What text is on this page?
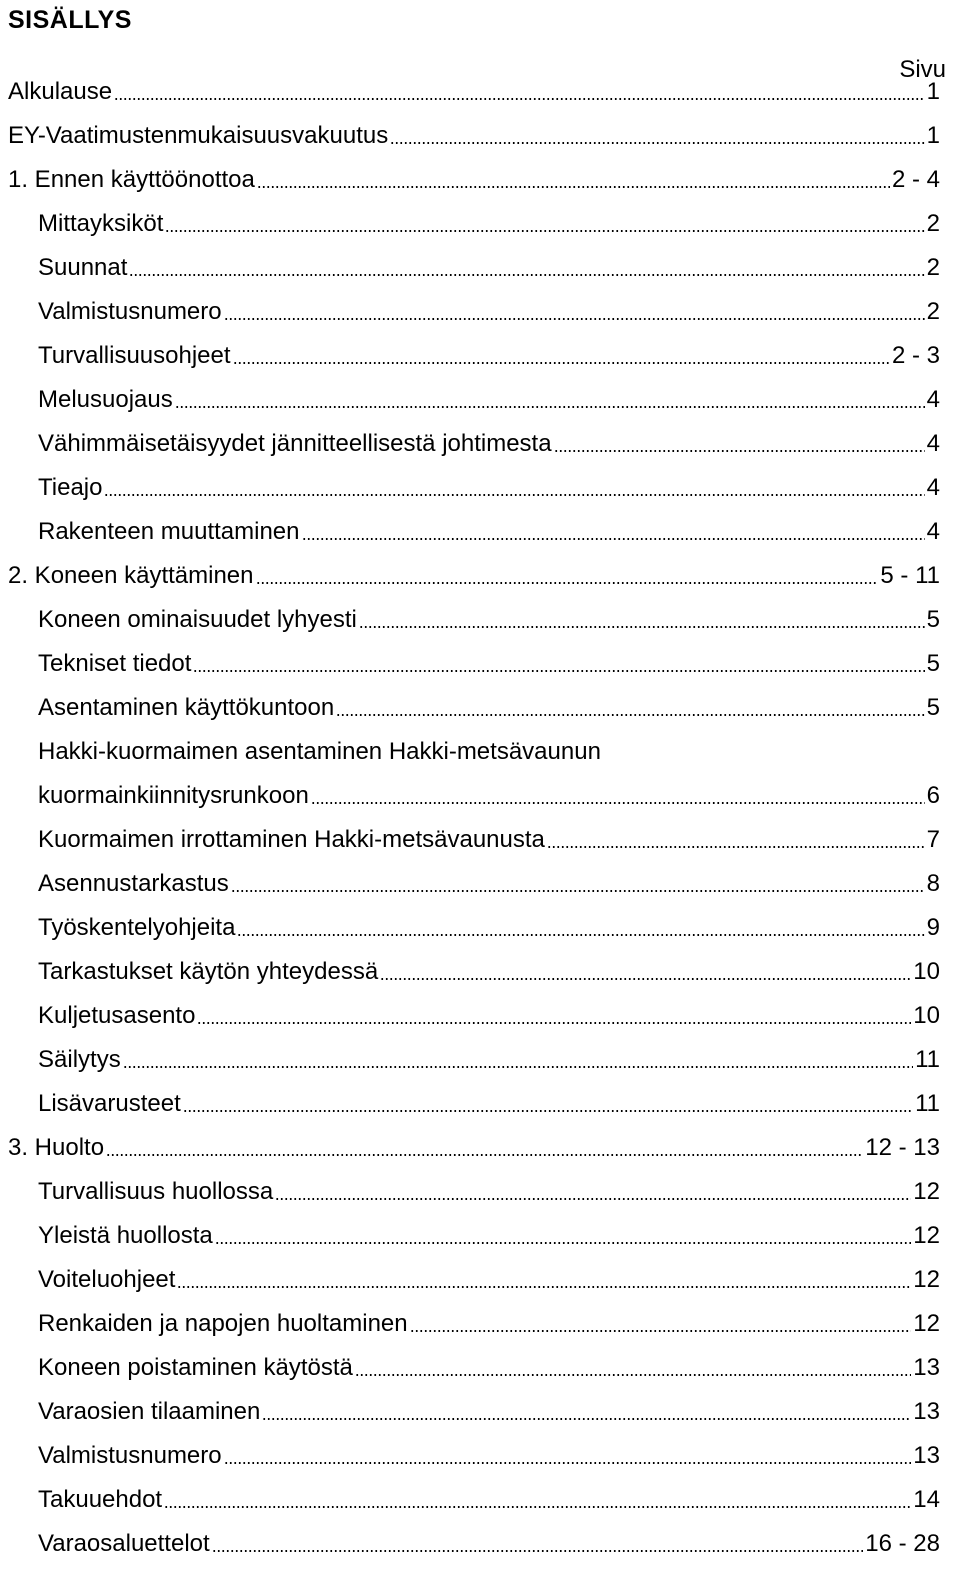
SISÄLLYS
Sivu
Alkulause	1
EY-Vaatimustenmukaisuusvakuutus	1
1. Ennen käyttöönottoa	2 - 4
Mittayksiköt	2
Suunnat	2
Valmistusnumero	2
Turvallisuusohjeet	2 - 3
Melusuojaus	4
Vähimmäisetäisyydet jännitteellisestä johtimesta	4
Tieajo	4
Rakenteen muuttaminen	4
2. Koneen käyttäminen	5 - 11
Koneen ominaisuudet lyhyesti	5
Tekniset tiedot	5
Asentaminen käyttökuntoon	5
Hakki-kuormaimen asentaminen Hakki-metsävaunun
kuormainkiinnitysrunkoon	6
Kuormaimen irrottaminen Hakki-metsävaunusta	7
Asennustarkastus	8
Työskentelyohjeita	9
Tarkastukset käytön yhteydessä	10
Kuljetusasento	10
Säilytys	11
Lisävarusteet	11
3. Huolto	12 - 13
Turvallisuus huollossa	12
Yleistä huollosta	12
Voiteluohjeet	12
Renkaiden ja napojen huoltaminen	12
Koneen poistaminen käytöstä	13
Varaosien tilaaminen	13
Valmistusnumero	13
Takuuehdot	14
Varaosaluettelot	16 - 28
